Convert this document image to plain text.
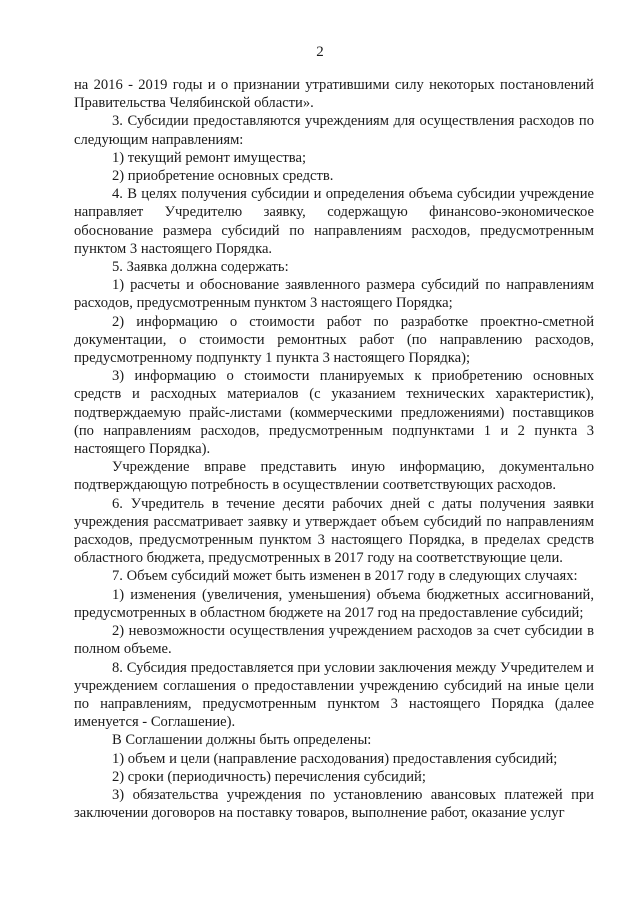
2

на 2016 - 2019 годы и о признании утратившими силу некоторых постановлений Правительства Челябинской области».

3. Субсидии предоставляются учреждениям для осуществления расходов по следующим направлениям:

1) текущий ремонт имущества;

2) приобретение основных средств.

4. В целях получения субсидии и определения объема субсидии учреждение направляет Учредителю заявку, содержащую финансово-экономическое обоснование размера субсидий по направлениям расходов, предусмотренным пунктом 3 настоящего Порядка.

5. Заявка должна содержать:

1) расчеты и обоснование заявленного размера субсидий по направлениям расходов, предусмотренным пунктом 3 настоящего Порядка;

2) информацию о стоимости работ по разработке проектно-сметной документации, о стоимости ремонтных работ (по направлению расходов, предусмотренному подпункту 1 пункта 3 настоящего Порядка);

3) информацию о стоимости планируемых к приобретению основных средств и расходных материалов (с указанием технических характеристик), подтверждаемую прайс-листами (коммерческими предложениями) поставщиков (по направлениям расходов, предусмотренным подпунктами 1 и 2 пункта 3 настоящего Порядка).

Учреждение вправе представить иную информацию, документально подтверждающую потребность в осуществлении соответствующих расходов.

6. Учредитель в течение десяти рабочих дней с даты получения заявки учреждения рассматривает заявку и утверждает объем субсидий по направлениям расходов, предусмотренным пунктом 3 настоящего Порядка, в пределах средств областного бюджета, предусмотренных в 2017 году на соответствующие цели.

7. Объем субсидий может быть изменен в 2017 году в следующих случаях:

1) изменения (увеличения, уменьшения) объема бюджетных ассигнований, предусмотренных в областном бюджете на 2017 год на предоставление субсидий;

2) невозможности осуществления учреждением расходов за счет субсидии в полном объеме.

8. Субсидия предоставляется при условии заключения между Учредителем и учреждением соглашения о предоставлении учреждению субсидий на иные цели по направлениям, предусмотренным пунктом 3 настоящего Порядка (далее именуется - Соглашение).

В Соглашении должны быть определены:

1) объем и цели (направление расходования) предоставления субсидий;

2) сроки (периодичность) перечисления субсидий;

3) обязательства учреждения по установлению авансовых платежей при заключении договоров на поставку товаров, выполнение работ, оказание услуг
